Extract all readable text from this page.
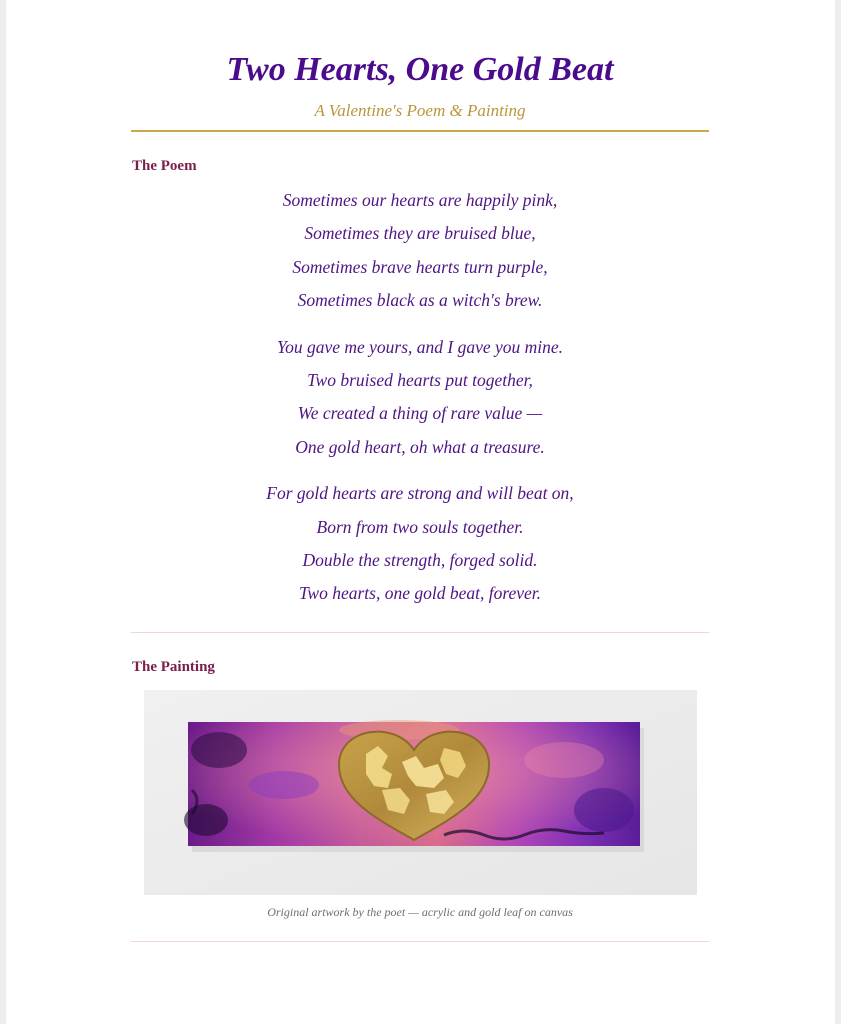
Two Hearts, One Gold Beat
A Valentine's Poem & Painting
The Poem
Sometimes our hearts are happily pink,
Sometimes they are bruised blue,
Sometimes brave hearts turn purple,
Sometimes black as a witch's brew.
You gave me yours, and I gave you mine.
Two bruised hearts put together,
We created a thing of rare value —
One gold heart, oh what a treasure.
For gold hearts are strong and will beat on,
Born from two souls together.
Double the strength, forged solid.
Two hearts, one gold beat, forever.
The Painting
Original artwork by the poet — acrylic and gold leaf on canvas
